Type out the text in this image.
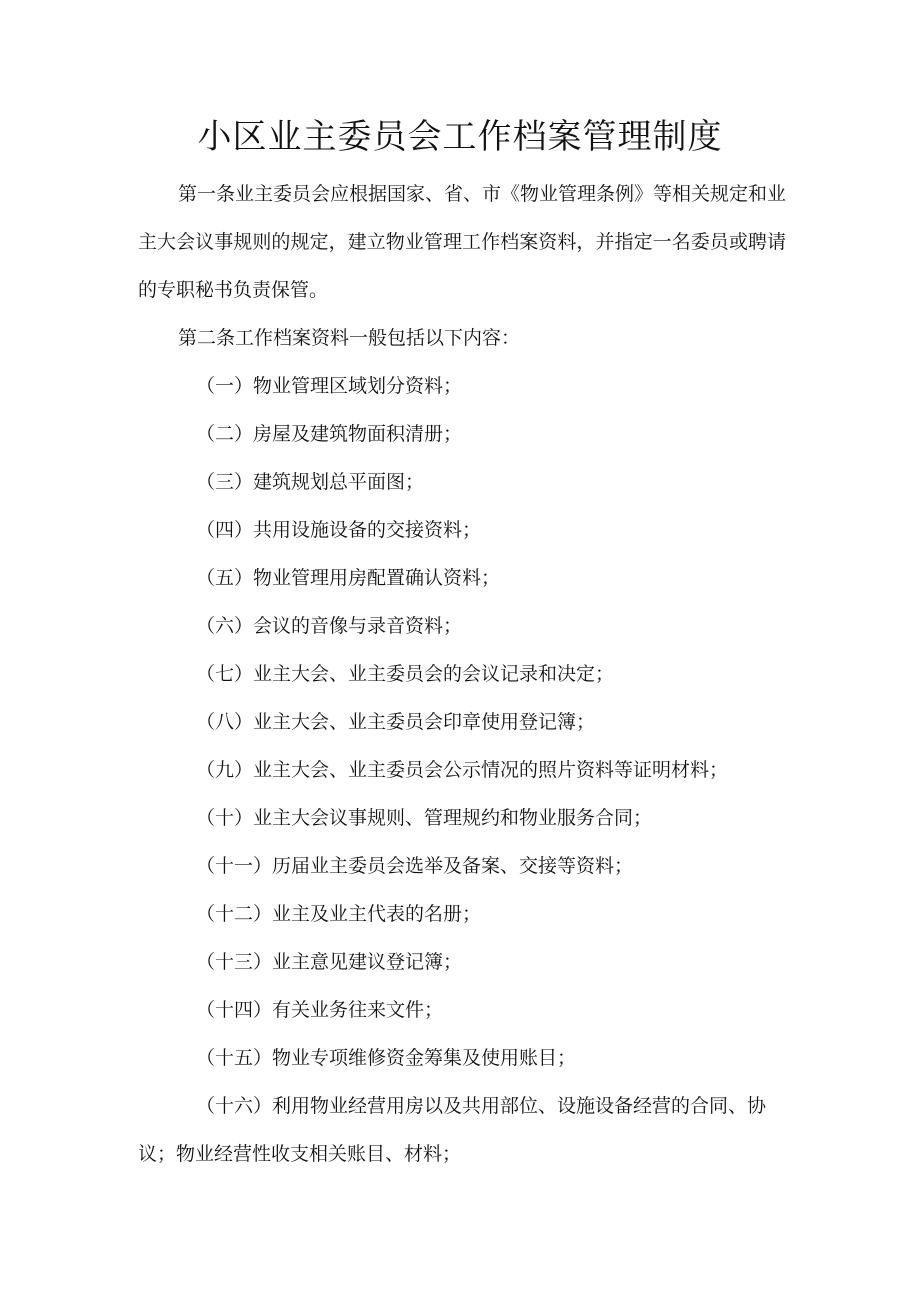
小区业主委员会工作档案管理制度

第一条业主委员会应根据国家、省、市《物业管理条例》等相关规定和业主大会议事规则的规定，建立物业管理工作档案资料，并指定一名委员或聘请的专职秘书负责保管。

第二条工作档案资料一般包括以下内容：

（一）物业管理区域划分资料；

（二）房屋及建筑物面积清册；

（三）建筑规划总平面图；

（四）共用设施设备的交接资料；

（五）物业管理用房配置确认资料；

（六）会议的音像与录音资料；

（七）业主大会、业主委员会的会议记录和决定；

（八）业主大会、业主委员会印章使用登记簿；

（九）业主大会、业主委员会公示情况的照片资料等证明材料；

（十）业主大会议事规则、管理规约和物业服务合同；

（十一）历届业主委员会选举及备案、交接等资料；

（十二）业主及业主代表的名册；

（十三）业主意见建议登记簿；

（十四）有关业务往来文件；

（十五）物业专项维修资金筹集及使用账目；

（十六）利用物业经营用房以及共用部位、设施设备经营的合同、协议；物业经营性收支相关账目、材料；
